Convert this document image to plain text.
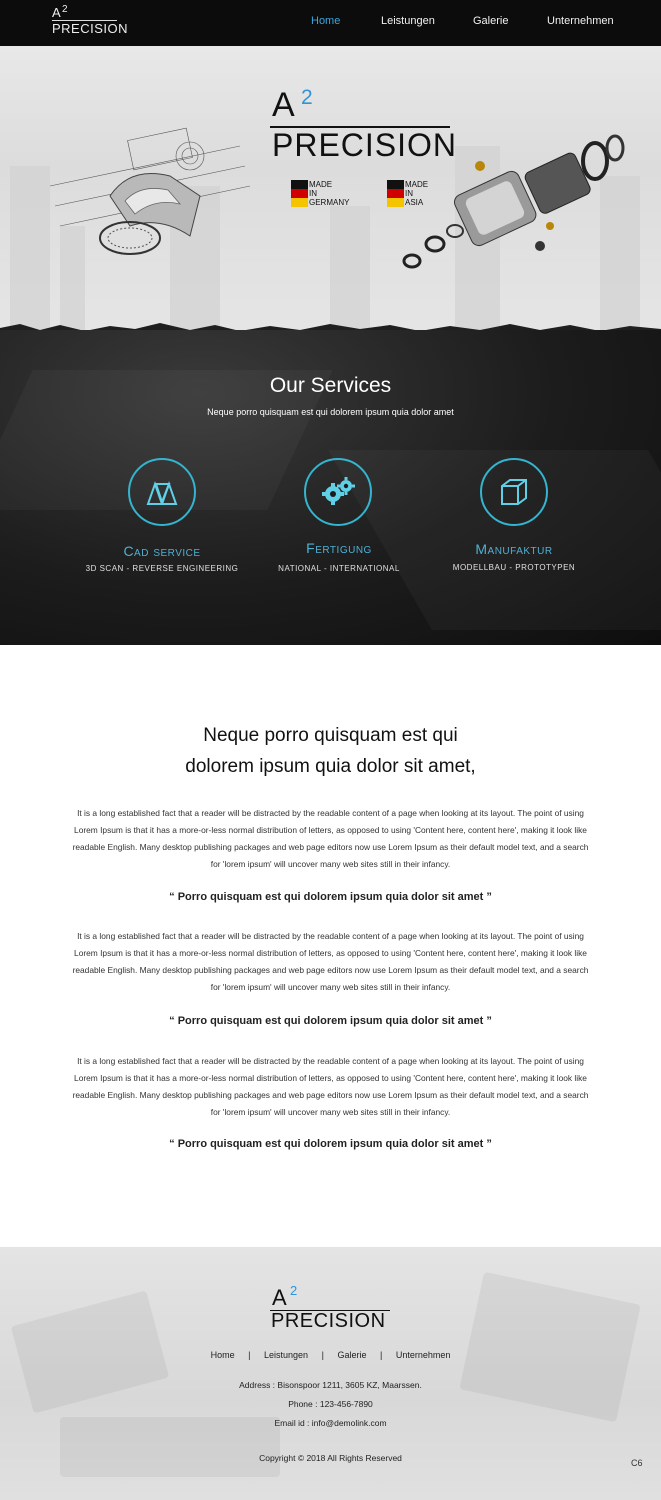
A 2
PRECISION	Home	Leistungen	Galerie	Unternehmen
A 2
PRECISION
MADE
IN
GERMANY
MADE
IN
ASIA
Our Services
Neque porro quisquam est qui dolorem ipsum quia dolor amet
Cad service
3D SCAN - REVERSE ENGINEERING
Fertigung
NATIONAL - INTERNATIONAL
Manufaktur
MODELLBAU - PROTOTYPEN
Neque porro quisquam est qui
dolorem ipsum quia dolor sit amet,

It is a long established fact that a reader will be distracted by the readable content of a page when looking at its layout. The point of using Lorem Ipsum is that it has a more-or-less normal distribution of letters, as opposed to using 'Content here, content here', making it look like readable English. Many desktop publishing packages and web page editors now use Lorem Ipsum as their default model text, and a search for 'lorem ipsum' will uncover many web sites still in their infancy.

“ Porro quisquam est qui dolorem ipsum quia dolor sit amet ”

It is a long established fact that a reader will be distracted by the readable content of a page when looking at its layout. The point of using Lorem Ipsum is that it has a more-or-less normal distribution of letters, as opposed to using 'Content here, content here', making it look like readable English. Many desktop publishing packages and web page editors now use Lorem Ipsum as their default model text, and a search for 'lorem ipsum' will uncover many web sites still in their infancy.

“ Porro quisquam est qui dolorem ipsum quia dolor sit amet ”

It is a long established fact that a reader will be distracted by the readable content of a page when looking at its layout. The point of using Lorem Ipsum is that it has a more-or-less normal distribution of letters, as opposed to using 'Content here, content here', making it look like readable English. Many desktop publishing packages and web page editors now use Lorem Ipsum as their default model text, and a search for 'lorem ipsum' will uncover many web sites still in their infancy.

“ Porro quisquam est qui dolorem ipsum quia dolor sit amet ”
A 2
PRECISION
Home | Leistungen | Galerie | Unternehmen
Address : Bisonspoor 1211, 3605 KZ, Maarssen.
Phone : 123-456-7890
Email id : info@demolink.com
Copyright © 2018 All Rights Reserved	C6
